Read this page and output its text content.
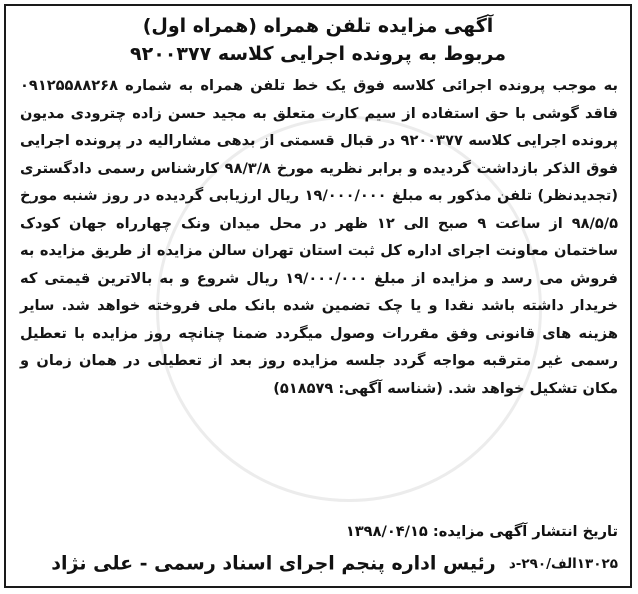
آگهی مزایده تلفن همراه (همراه اول)
مربوط به پرونده اجرایی کلاسه ۹۲۰۰۳۷۷
به موجب پرونده اجرائی کلاسه فوق یک خط تلفن همراه به شماره ۰۹۱۲۵۵۸۸۲۶۸ فاقد گوشی با حق استفاده از سیم کارت متعلق به مجید حسن زاده چترودی مدیون پرونده اجرایی کلاسه ۹۲۰۰۳۷۷ در قبال قسمتی از بدهی مشارالیه در پرونده اجرایی فوق الذکر بازداشت گردیده و برابر نظریه مورخ ۹۸/۳/۸ کارشناس رسمی دادگستری (تجدیدنظر) تلفن مذکور به مبلغ ۱۹/۰۰۰/۰۰۰ ریال ارزیابی گردیده در روز شنبه مورخ ۹۸/۵/۵ از ساعت ۹ صبح الی ۱۲ ظهر در محل میدان ونک چهارراه جهان کودک ساختمان معاونت اجرای اداره کل ثبت استان تهران سالن مزایده از طریق مزایده به فروش می رسد و مزایده از مبلغ ۱۹/۰۰۰/۰۰۰ ریال شروع و به بالاترین قیمتی که خریدار داشته باشد نقدا و یا چک تضمین شده بانک ملی فروخته خواهد شد. سایر هزینه های قانونی وفق مقررات وصول میگردد ضمنا چنانچه روز مزایده با تعطیل رسمی غیر مترقبه مواجه گردد جلسه مزایده روز بعد از تعطیلی در همان زمان و مکان تشکیل خواهد شد. (شناسه آگهی: ۵۱۸۵۷۹)
تاریخ انتشار آگهی مزایده: ۱۳۹۸/۰۴/۱۵
۱۳۰۲۵الف/۲۹۰-د رئیس اداره پنجم اجرای اسناد رسمی - علی نژاد
